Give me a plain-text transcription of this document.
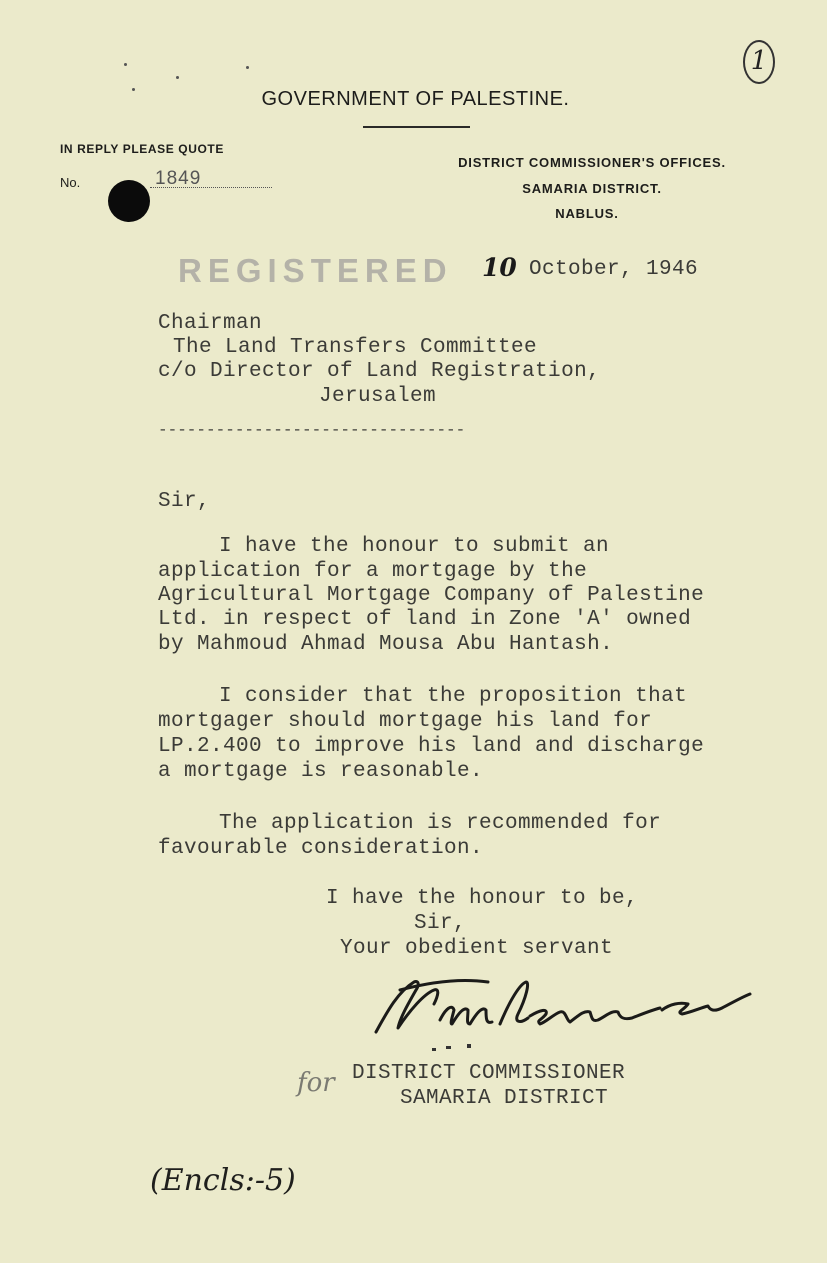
1
GOVERNMENT OF PALESTINE.
IN REPLY PLEASE QUOTE
No.	1849
DISTRICT COMMISSIONER'S OFFICES.
SAMARIA DISTRICT.
NABLUS.
REGISTERED 10 October, 1946
Chairman
The Land Transfers Committee
c/o Director of Land Registration,
Jerusalem
--------------------------------
Sir,
I have the honour to submit an
application for a mortgage by the
Agricultural Mortgage Company of Palestine
Ltd. in respect of land in Zone 'A' owned
by Mahmoud Ahmad Mousa Abu Hantash.
I consider that the proposition that
mortgager should mortgage his land for
LP.2.400 to improve his land and discharge
a mortgage is reasonable.
The application is recommended for
favourable consideration.
I have the honour to be,
Sir,
Your obedient servant
for DISTRICT COMMISSIONER
SAMARIA DISTRICT
(Encls:-5)
